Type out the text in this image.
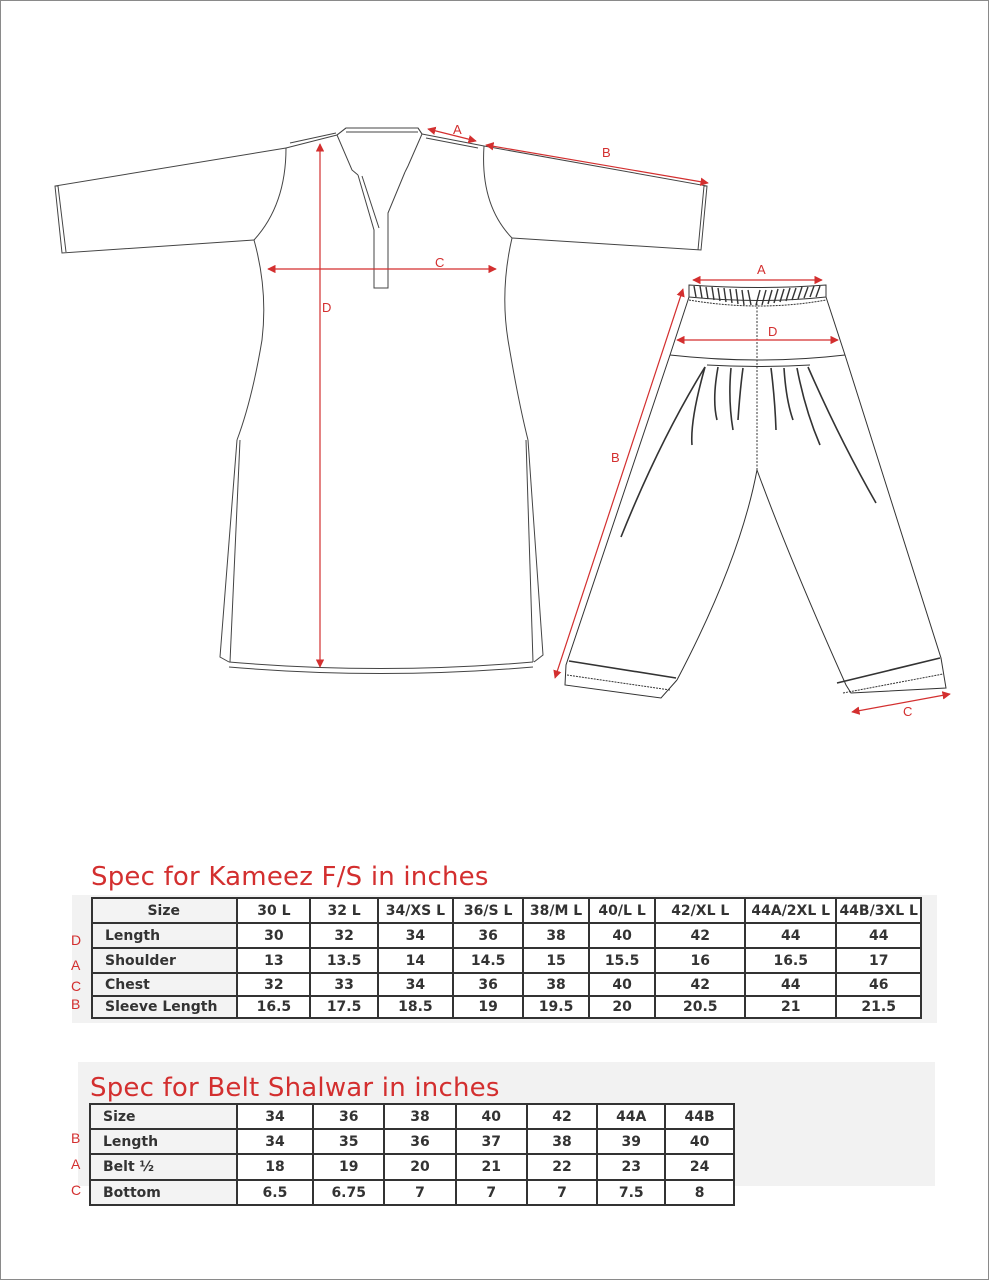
A
B
C
D
A
D
B
C
Spec for Kameez F/S in inches
D
A
C
B
Size	30 L	32 L	34/XS L	36/S L	38/M L	40/L L	42/XL L	44A/2XL L	44B/3XL L
Length	30	32	34	36	38	40	42	44	44
Shoulder	13	13.5	14	14.5	15	15.5	16	16.5	17
Chest	32	33	34	36	38	40	42	44	46
Sleeve Length	16.5	17.5	18.5	19	19.5	20	20.5	21	21.5
Spec for Belt Shalwar in inches
B
A
C
Size	34	36	38	40	42	44A	44B
Length	34	35	36	37	38	39	40
Belt ½	18	19	20	21	22	23	24
Bottom	6.5	6.75	7	7	7	7.5	8
